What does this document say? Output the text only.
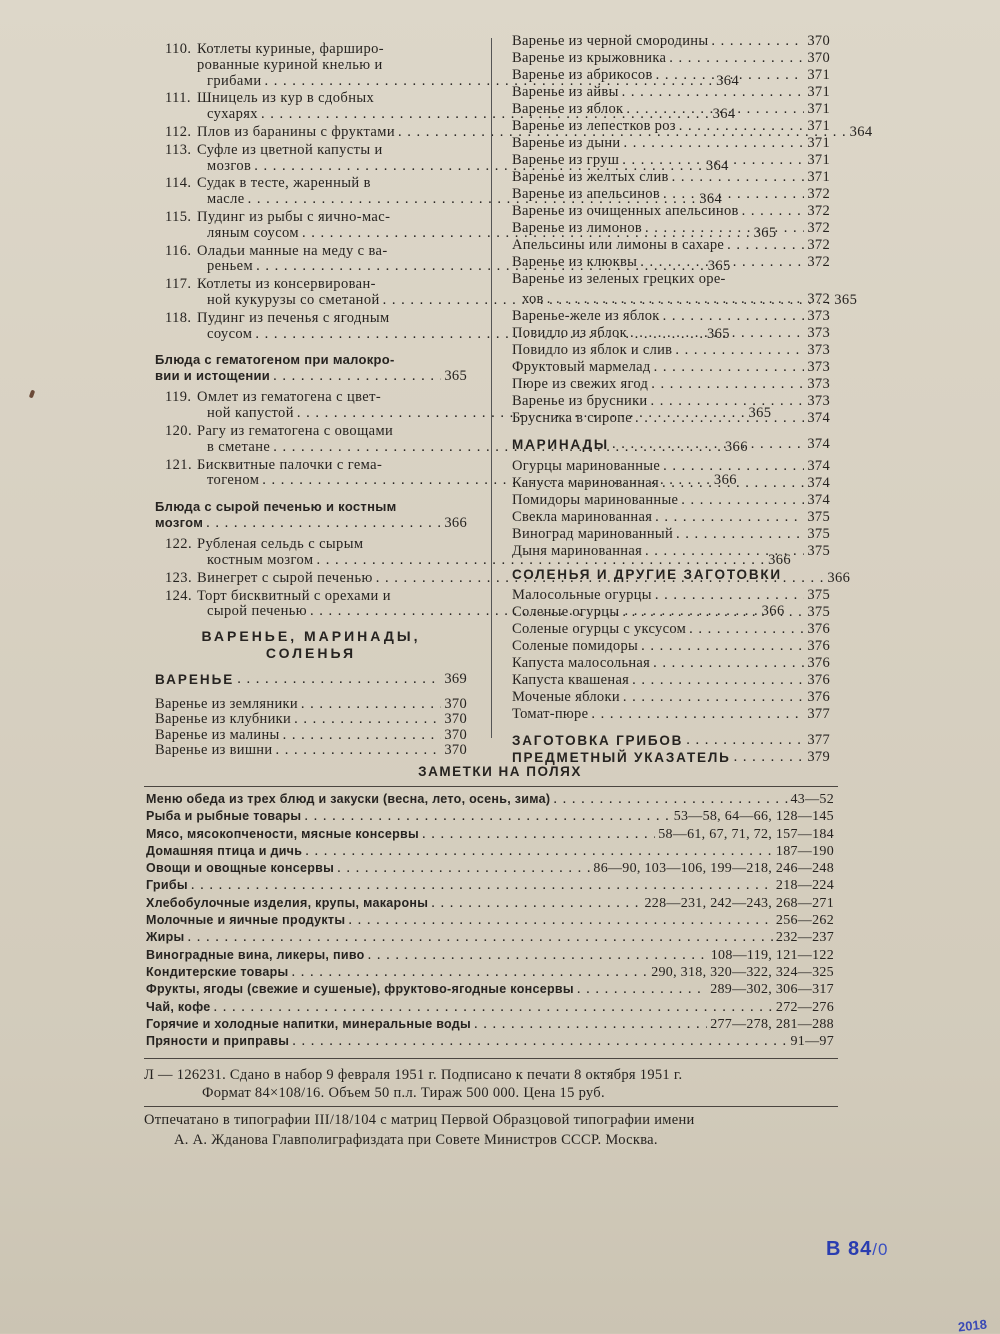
110. Котлеты куриные, фарширо-
рованные куриной кнелью и
грибами . . .	364
111. Шницель из кур в сдобных
сухарях . . .	364
112. Плов из баранины с фруктами . . .	364
113. Суфле из цветной капусты и
мозгов . . .	364
114. Судак в тесте, жаренный в
масле . . .	364
115. Пудинг из рыбы с яично-мас-
ляным соусом . . .	365
116. Оладьи манные на меду с ва-
реньем . . .	365
117. Котлеты из консервирован-
ной кукурузы со сметаной . . .	365
118. Пудинг из печенья с ягодным
соусом . . .	365
Блюда с гематогеном при малокро-
вии и истощении . . .	365
119. Омлет из гематогена с цвет-
ной капустой . . .	365
120. Рагу из гематогена с овощами
в сметане . . .	366
121. Бисквитные палочки с гема-
тогеном . . .	366
Блюда с сырой печенью и костным
мозгом . . .	366
122. Рубленая сельдь с сырым
костным мозгом . . .	366
123. Винегрет с сырой печенью . . .	366
124. Торт бисквитный с орехами и
сырой печенью . . .	366
ВАРЕНЬЕ, МАРИНАДЫ,
СОЛЕНЬЯ
ВАРЕНЬЕ . . .	369
Варенье из земляники . . .	370
Варенье из клубники . . .	370
Варенье из малины . . .	370
Варенье из вишни . . .	370
Варенье из черной смородины . . .	370
Варенье из крыжовника . . .	370
Варенье из абрикосов . . .	371
Варенье из айвы . . .	371
Варенье из яблок . . .	371
Варенье из лепестков роз . . .	371
Варенье из дыни . . .	371
Варенье из груш . . .	371
Варенье из желтых слив . . .	371
Варенье из апельсинов . . .	372
Варенье из очищенных апельсинов . . .	372
Варенье из лимонов . . .	372
Апельсины или лимоны в сахаре . . .	372
Варенье из клюквы . . .	372
Варенье из зеленых грецких оре-
хов . . .	372
Варенье-желе из яблок . . .	373
Повидло из яблок . . .	373
Повидло из яблок и слив . . .	373
Фруктовый мармелад . . .	373
Пюре из свежих ягод . . .	373
Варенье из брусники . . .	373
Брусника в сиропе . . .	374
МАРИНАДЫ . . .	374
Огурцы маринованные . . .	374
Капуста маринованная . . .	374
Помидоры маринованные . . .	374
Свекла маринованная . . .	375
Виноград маринованный . . .	375
Дыня маринованная . . .	375
СОЛЕНЬЯ И ДРУГИЕ ЗАГОТОВКИ
Малосольные огурцы . . .	375
Соленые огурцы . . .	375
Соленые огурцы с уксусом . . .	376
Соленые помидоры . . .	376
Капуста малосольная . . .	376
Капуста квашеная . . .	376
Моченые яблоки . . .	376
Томат-пюре . . .	377
ЗАГОТОВКА ГРИБОВ . . .	377
ПРЕДМЕТНЫЙ УКАЗАТЕЛЬ . . .	379
ЗАМЕТКИ НА ПОЛЯХ
Меню обеда из трех блюд и закуски (весна, лето, осень, зима) . . .	43—52
Рыба и рыбные товары . . .	53—58, 64—66, 128—145
Мясо, мясокопчености, мясные консервы . . .	58—61, 67, 71, 72, 157—184
Домашняя птица и дичь . . .	187—190
Овощи и овощные консервы . . .	86—90, 103—106, 199—218, 246—248
Грибы . . .	218—224
Хлебобулочные изделия, крупы, макароны . . .	228—231, 242—243, 268—271
Молочные и яичные продукты . . .	256—262
Жиры . . .	232—237
Виноградные вина, ликеры, пиво . . .	108—119, 121—122
Кондитерские товары . . .	290, 318, 320—322, 324—325
Фрукты, ягоды (свежие и сушеные), фруктово-ягодные консервы . . .	289—302, 306—317
Чай, кофе . . .	272—276
Горячие и холодные напитки, минеральные воды . . .	277—278, 281—288
Пряности и приправы . . .	91—97
Л — 126231. Сдано в набор 9 февраля 1951 г. Подписано к печати 8 октября 1951 г.
Формат 84×108/16. Объем 50 п.л. Тираж 500 000. Цена 15 руб.
Отпечатано в типографии III/18/104 с матриц Первой Образцовой типографии имени
А. А. Жданова Главполиграфиздата при Совете Министров СССР. Москва.
В 84/0
2018
